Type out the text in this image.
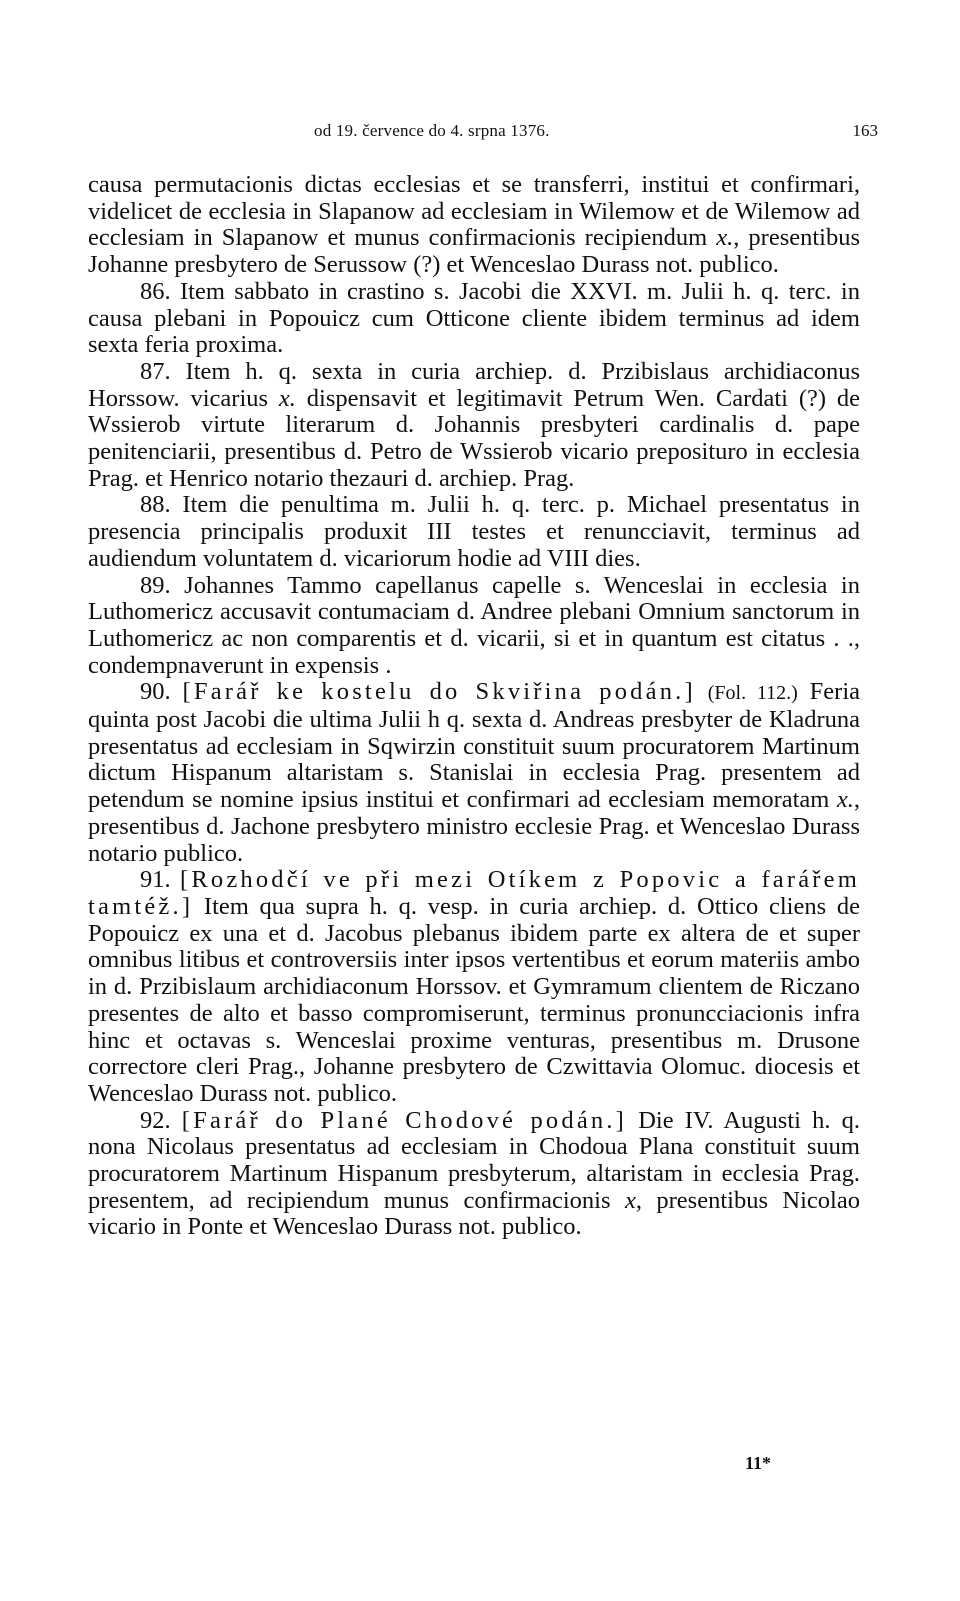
od 19. července do 4. srpna 1376.	163

causa permutacionis dictas ecclesias et se transferri, institui et confirmari, videlicet de ecclesia in Slapanow ad ecclesiam in Wilemow et de Wilemow ad ecclesiam in Slapanow et munus confirmacionis recipiendum x., presentibus Johanne presbytero de Serussow (?) et Wenceslao Durass not. publico.

86. Item sabbato in crastino s. Jacobi die XXVI. m. Julii h. q. terc. in causa plebani in Popouicz cum Otticone cliente ibidem terminus ad idem sexta feria proxima.

87. Item h. q. sexta in curia archiep. d. Przibislaus archidiaconus Horssow. vicarius x. dispensavit et legitimavit Petrum Wen. Cardati (?) de Wssierob virtute literarum d. Johannis presbyteri cardinalis d. pape penitenciarii, presentibus d. Petro de Wssierob vicario preposituro in ecclesia Prag. et Henrico notario thezauri d. archiep. Prag.

88. Item die penultima m. Julii h. q. terc. p. Michael presentatus in presencia principalis produxit III testes et renuncciavit, terminus ad audiendum voluntatem d. vicariorum hodie ad VIII dies.

89. Johannes Tammo capellanus capelle s. Wenceslai in ecclesia in Luthomericz accusavit contumaciam d. Andree plebani Omnium sanctorum in Luthomericz ac non comparentis et d. vicarii, si et in quantum est citatus . ., condempnaverunt in expensis .

90. [Farář ke kostelu do Skviřina podán.] (Fol. 112.) Feria quinta post Jacobi die ultima Julii h q. sexta d. Andreas presbyter de Kladruna presentatus ad ecclesiam in Sqwirzin constituit suum procuratorem Martinum dictum Hispanum altaristam s. Stanislai in ecclesia Prag. presentem ad petendum se nomine ipsius institui et confirmari ad ecclesiam memoratam x., presentibus d. Jachone presbytero ministro ecclesie Prag. et Wenceslao Durass notario publico.

91. [Rozhodčí ve při mezi Otíkem z Popovic a farářem tamtéž.] Item qua supra h. q. vesp. in curia archiep. d. Ottico cliens de Popouicz ex una et d. Jacobus plebanus ibidem parte ex altera de et super omnibus litibus et controversiis inter ipsos vertentibus et eorum materiis ambo in d. Przibislaum archidiaconum Horssov. et Gymramum clientem de Riczano presentes de alto et basso compromiserunt, terminus pronuncciacionis infra hinc et octavas s. Wenceslai proxime venturas, presentibus m. Drusone correctore cleri Prag., Johanne presbytero de Czwittavia Olomuc. diocesis et Wenceslao Durass not. publico.

92. [Farář do Plané Chodové podán.] Die IV. Augusti h. q. nona Nicolaus presentatus ad ecclesiam in Chodoua Plana constituit suum procuratorem Martinum Hispanum presbyterum, altaristam in ecclesia Prag. presentem, ad recipiendum munus confirmacionis x, presentibus Nicolao vicario in Ponte et Wenceslao Durass not. publico.

11*
